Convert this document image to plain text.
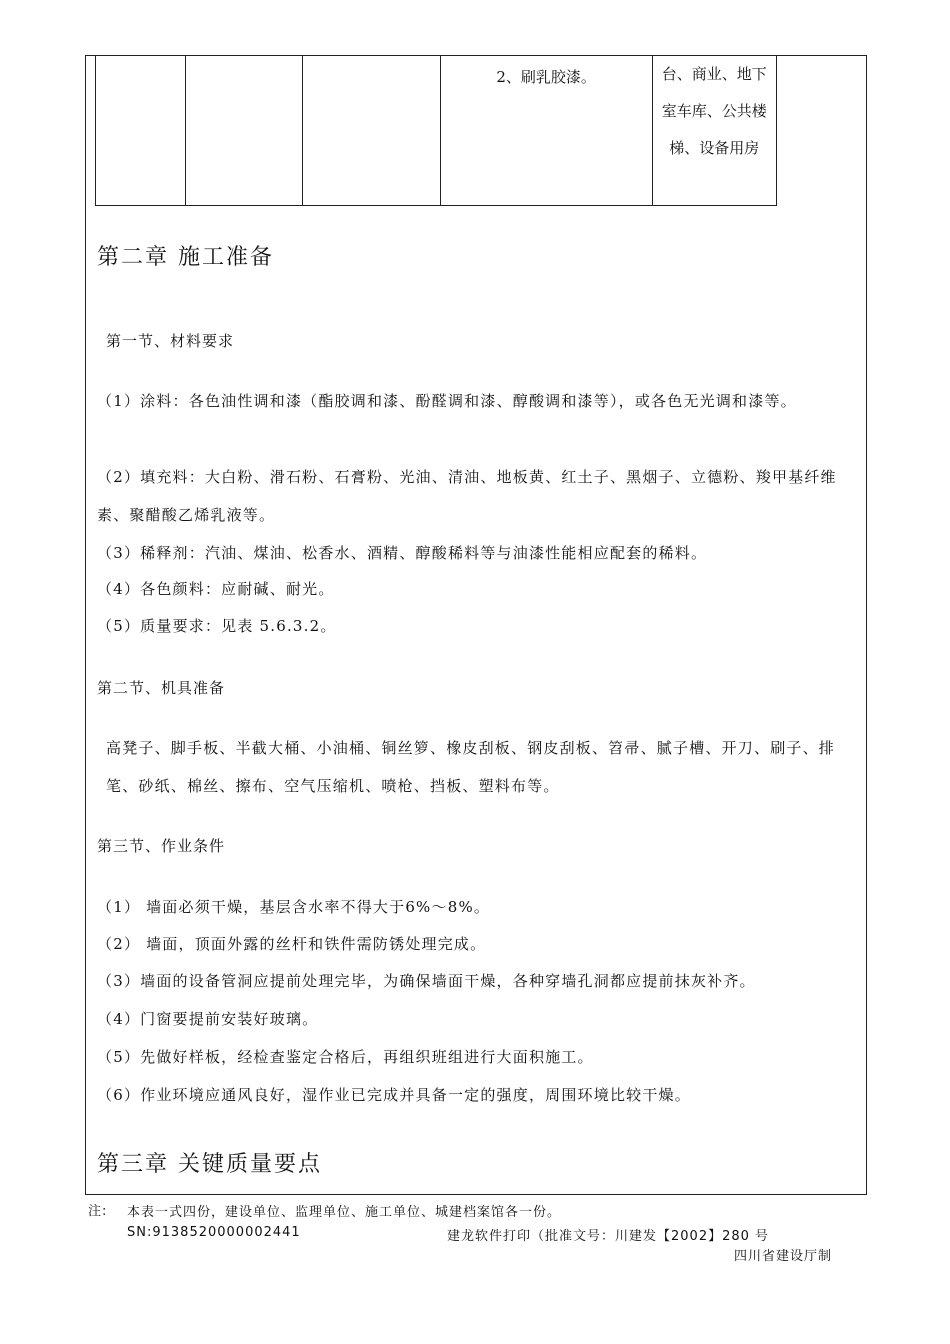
2、刷乳胶漆。	台、商业、地下室车库、公共楼梯、设备用房
第二章 施工准备
第一节、材料要求
（1）涂料：各色油性调和漆（酯胶调和漆、酚醛调和漆、醇酸调和漆等），或各色无光调和漆等。
（2）填充料：大白粉、滑石粉、石膏粉、光油、清油、地板黄、红土子、黑烟子、立德粉、羧甲基纤维素、聚醋酸乙烯乳液等。
（3）稀释剂：汽油、煤油、松香水、酒精、醇酸稀料等与油漆性能相应配套的稀料。
（4）各色颜料：应耐碱、耐光。
（5）质量要求：见表 5.6.3.2。
第二节、机具准备
高凳子、脚手板、半截大桶、小油桶、铜丝箩、橡皮刮板、钢皮刮板、笤帚、腻子槽、开刀、刷子、排笔、砂纸、棉丝、擦布、空气压缩机、喷枪、挡板、塑料布等。
第三节、作业条件
（1） 墙面必须干燥，基层含水率不得大于6%～8%。
（2） 墙面，顶面外露的丝杆和铁件需防锈处理完成。
（3）墙面的设备管洞应提前处理完毕，为确保墙面干燥，各种穿墙孔洞都应提前抹灰补齐。
（4）门窗要提前安装好玻璃。
（5）先做好样板，经检查鉴定合格后，再组织班组进行大面积施工。
（6）作业环境应通风良好，湿作业已完成并具备一定的强度，周围环境比较干燥。
第三章 关键质量要点
注: 本表一式四份，建设单位、监理单位、施工单位、城建档案馆各一份。
SN:9138520000002441	建龙软件打印（批准文号：川建发【2002】280 号
四川省建设厅制
